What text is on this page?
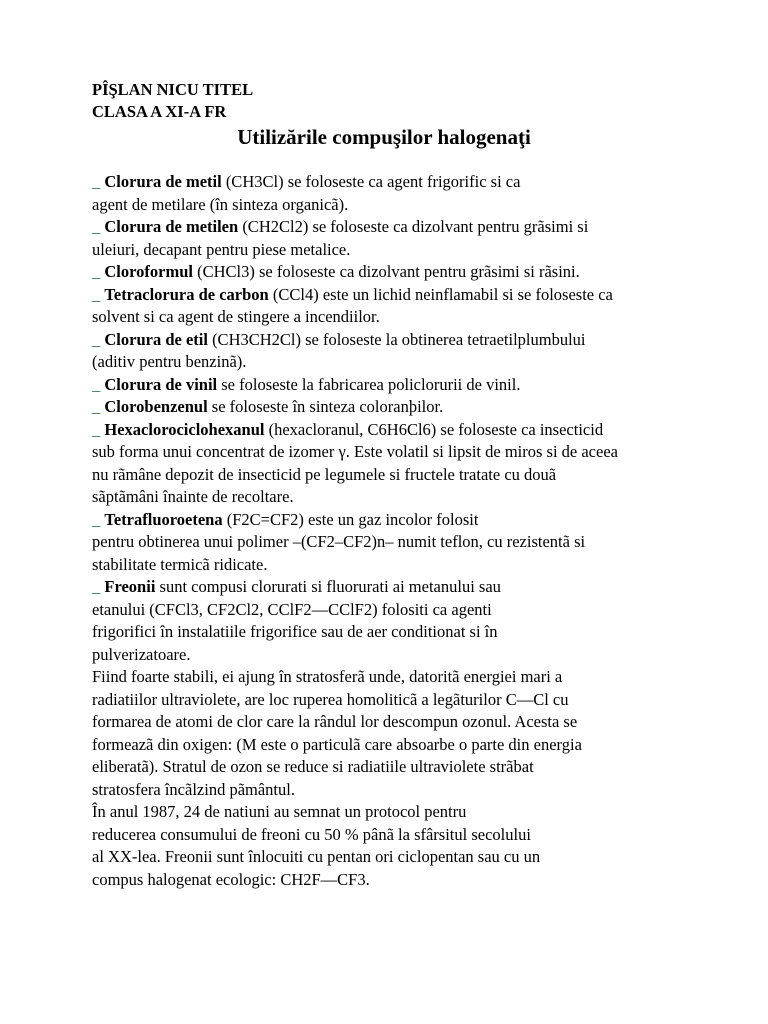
PÎŞLAN NICU TITEL
CLASA A XI-A FR
Utilizările compuşilor halogenaţi
_ Clorura de metil (CH3Cl) se foloseste ca agent frigorific si ca
agent de metilare (în sinteza organicã).
_ Clorura de metilen (CH2Cl2) se foloseste ca dizolvant pentru grãsimi si
uleiuri, decapant pentru piese metalice.
_ Cloroformul (CHCl3) se foloseste ca dizolvant pentru grãsimi si rãsini.
_ Tetraclorura de carbon (CCl4) este un lichid neinflamabil si se foloseste ca
solvent si ca agent de stingere a incendiilor.
_ Clorura de etil (CH3CH2Cl) se foloseste la obtinerea tetraetilplumbului
(aditiv pentru benzinã).
_ Clorura de vinil se foloseste la fabricarea policlorurii de vinil.
_ Clorobenzenul se foloseste în sinteza coloranþilor.
_ Hexaclorociclohexanul (hexacloranul, C6H6Cl6) se foloseste ca insecticid
sub forma unui concentrat de izomer γ. Este volatil si lipsit de miros si de aceea
nu rãmâne depozit de insecticid pe legumele si fructele tratate cu douã
sãptãmâni înainte de recoltare.
_ Tetrafluoroetena (F2C=CF2) este un gaz incolor folosit
pentru obtinerea unui polimer –(CF2–CF2)n– numit teflon, cu rezistentã si
stabilitate termicã ridicate.
_ Freonii sunt compusi clorurati si fluorurati ai metanului sau
etanului (CFCl3, CF2Cl2, CClF2—CClF2) folositi ca agenti
frigorifici în instalatiile frigorifice sau de aer conditionat si în
pulverizatoare.
Fiind foarte stabili, ei ajung în stratosferã unde, datoritã energiei mari a
radiatiilor ultraviolete, are loc ruperea homoliticã a legãturilor C—Cl cu
formarea de atomi de clor care la rândul lor descompun ozonul. Acesta se
formeazã din oxigen: (M este o particulã care absoarbe o parte din energia
eliberatã). Stratul de ozon se reduce si radiatiile ultraviolete strãbat
stratosfera încãlzind pãmântul.
În anul 1987, 24 de natiuni au semnat un protocol pentru
reducerea consumului de freoni cu 50 % pânã la sfârsitul secolului
al XX-lea. Freonii sunt înlocuiti cu pentan ori ciclopentan sau cu un
compus halogenat ecologic: CH2F—CF3.
